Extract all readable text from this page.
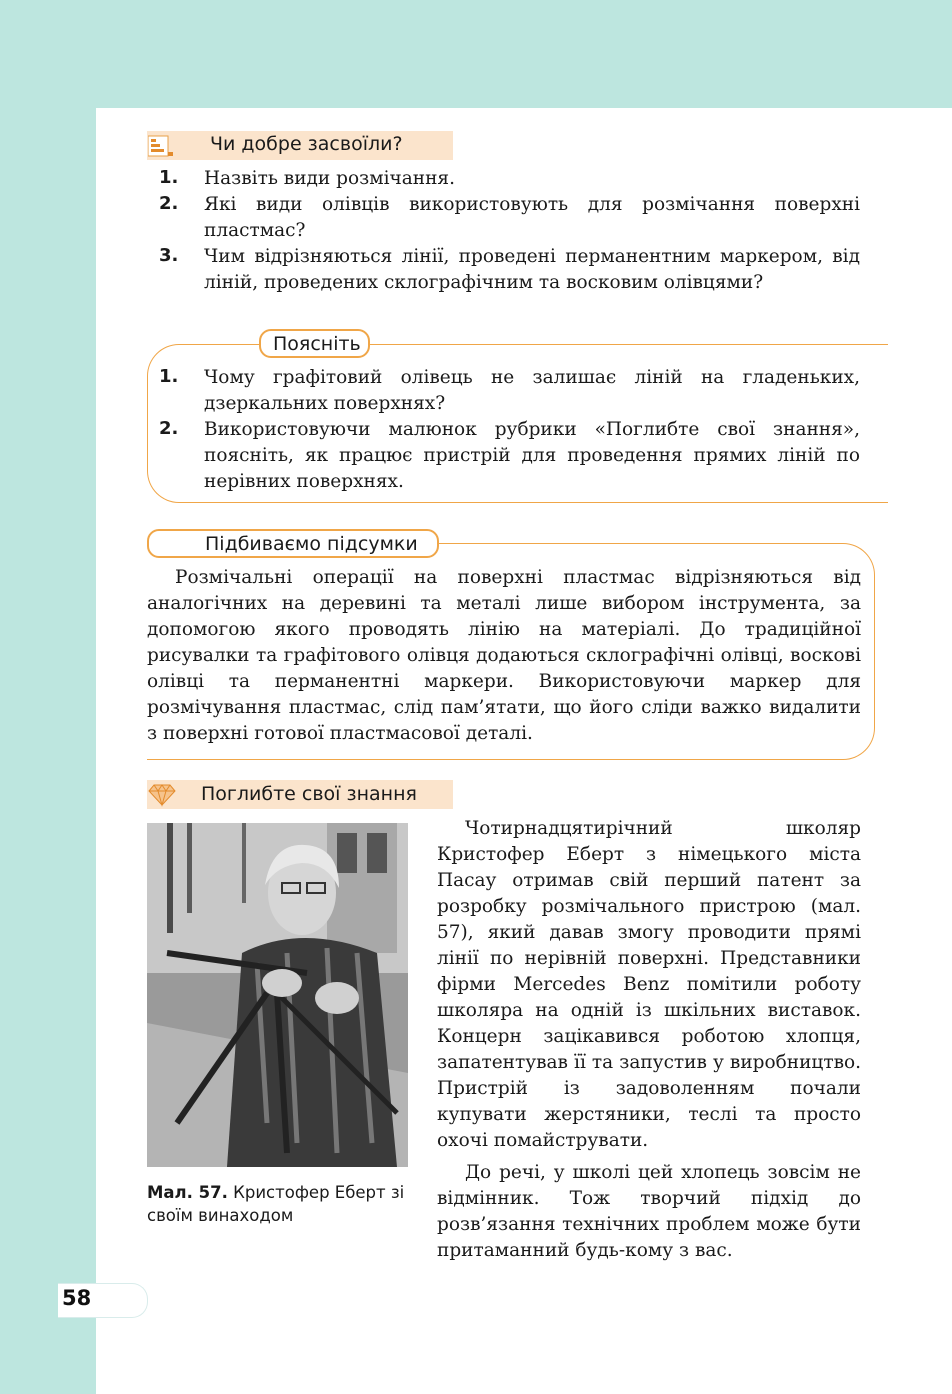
Чи добре засвоїли?
1. Назвіть види розмічання.
2. Які види олівців використовують для розмічання поверхні пластмас?
3. Чим відрізняються лінії, проведені перманентним маркером, від ліній, проведених склографічним та восковим олівцями?
Поясніть
1. Чому графітовий олівець не залишає ліній на гладеньких, дзеркальних поверхнях?
2. Використовуючи малюнок рубрики «Поглибте свої знання», поясніть, як працює пристрій для проведення прямих ліній по нерівних поверхнях.
Підбиваємо підсумки
Розмічальні операції на поверхні пластмас відрізняються від аналогічних на деревині та металі лише вибором інструмента, за допомогою якого проводять лінію на матеріалі. До традиційної рисувалки та графітового олівця додаються склографічні олівці, воскові олівці та перманентні маркери. Використовуючи маркер для розмічування пластмас, слід пам’ятати, що його сліди важко видалити з поверхні готової пластмасової деталі.
Поглибте свої знання
Мал. 57. Кристофер Еберт зі своїм винаходом
Чотирнадцятирічний школяр Кристофер Еберт з німецького міста Пасау отримав свій перший патент за розробку розмічального пристрою (мал. 57), який давав змогу проводити прямі лінії по нерівній поверхні. Представники фірми Mercedes Benz помітили роботу школяра на одній із шкільних виставок. Концерн зацікавився роботою хлопця, запатентував її та запустив у виробництво. Пристрій із задоволенням почали купувати жерстяники, теслі та просто охочі помайструвати.
До речі, у школі цей хлопець зовсім не відмінник. Тож творчий підхід до розв’язання технічних проблем може бути притаманний будь-кому з вас.
58
